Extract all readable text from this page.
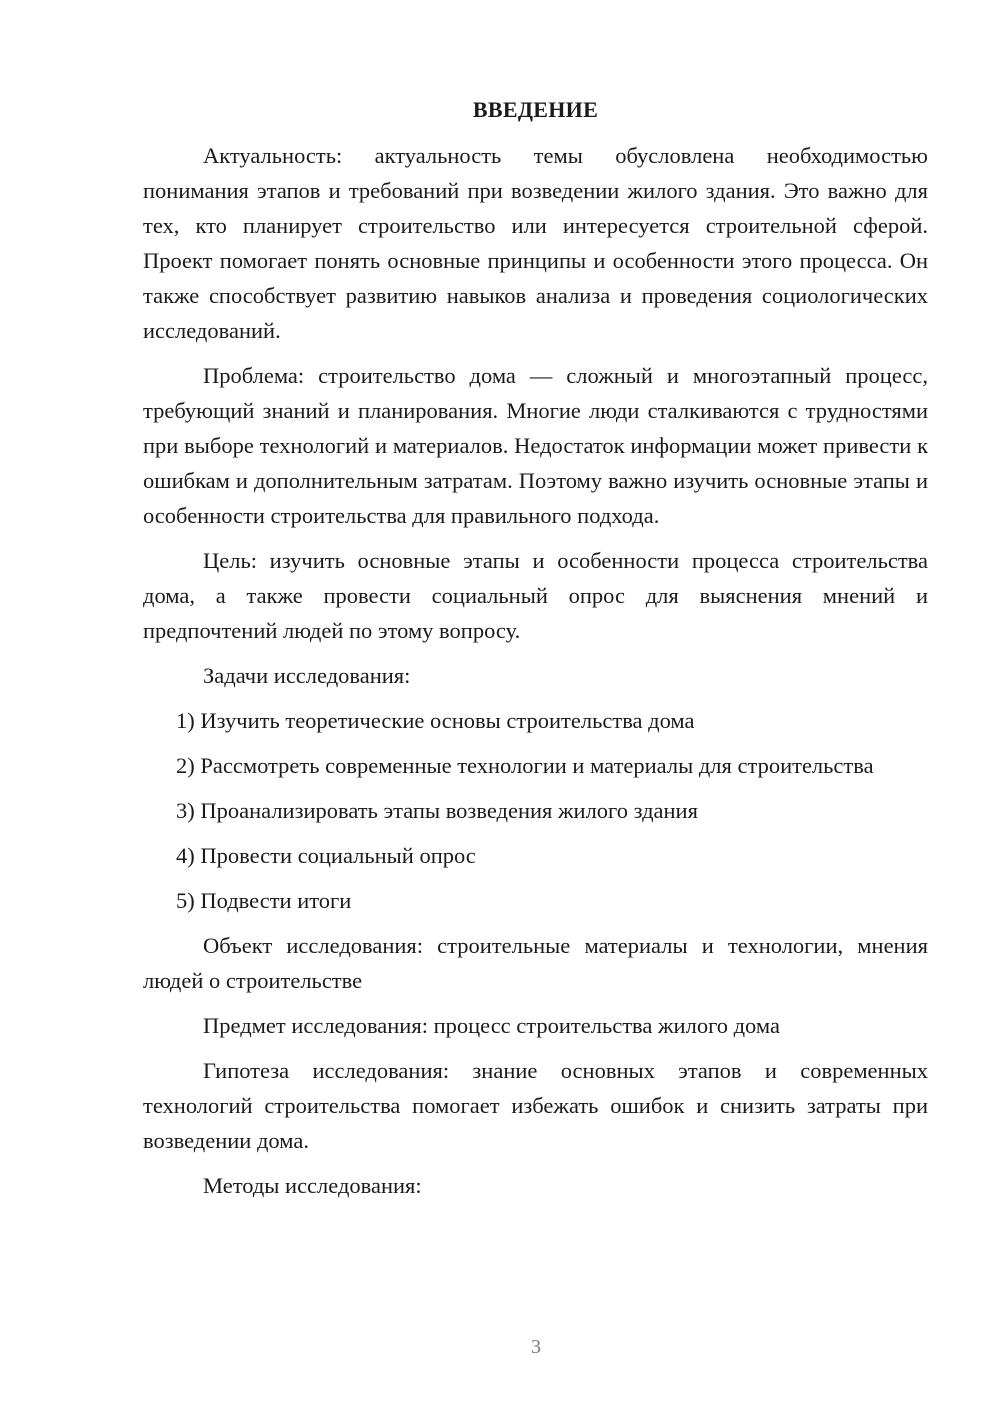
ВВЕДЕНИЕ

Актуальность: актуальность темы обусловлена необходимостью понимания этапов и требований при возведении жилого здания. Это важно для тех, кто планирует строительство или интересуется строительной сферой. Проект помогает понять основные принципы и особенности этого процесса. Он также способствует развитию навыков анализа и проведения социологических исследований.

Проблема: строительство дома — сложный и многоэтапный процесс, требующий знаний и планирования. Многие люди сталкиваются с трудностями при выборе технологий и материалов. Недостаток информации может привести к ошибкам и дополнительным затратам. Поэтому важно изучить основные этапы и особенности строительства для правильного подхода.

Цель: изучить основные этапы и особенности процесса строительства дома, а также провести социальный опрос для выяснения мнений и предпочтений людей по этому вопросу.

Задачи исследования:

1) Изучить теоретические основы строительства дома

2) Рассмотреть современные технологии и материалы для строительства

3) Проанализировать этапы возведения жилого здания

4) Провести социальный опрос

5) Подвести итоги

Объект исследования: строительные материалы и технологии, мнения людей о строительстве

Предмет исследования: процесс строительства жилого дома

Гипотеза исследования: знание основных этапов и современных технологий строительства помогает избежать ошибок и снизить затраты при возведении дома.

Методы исследования:

3
